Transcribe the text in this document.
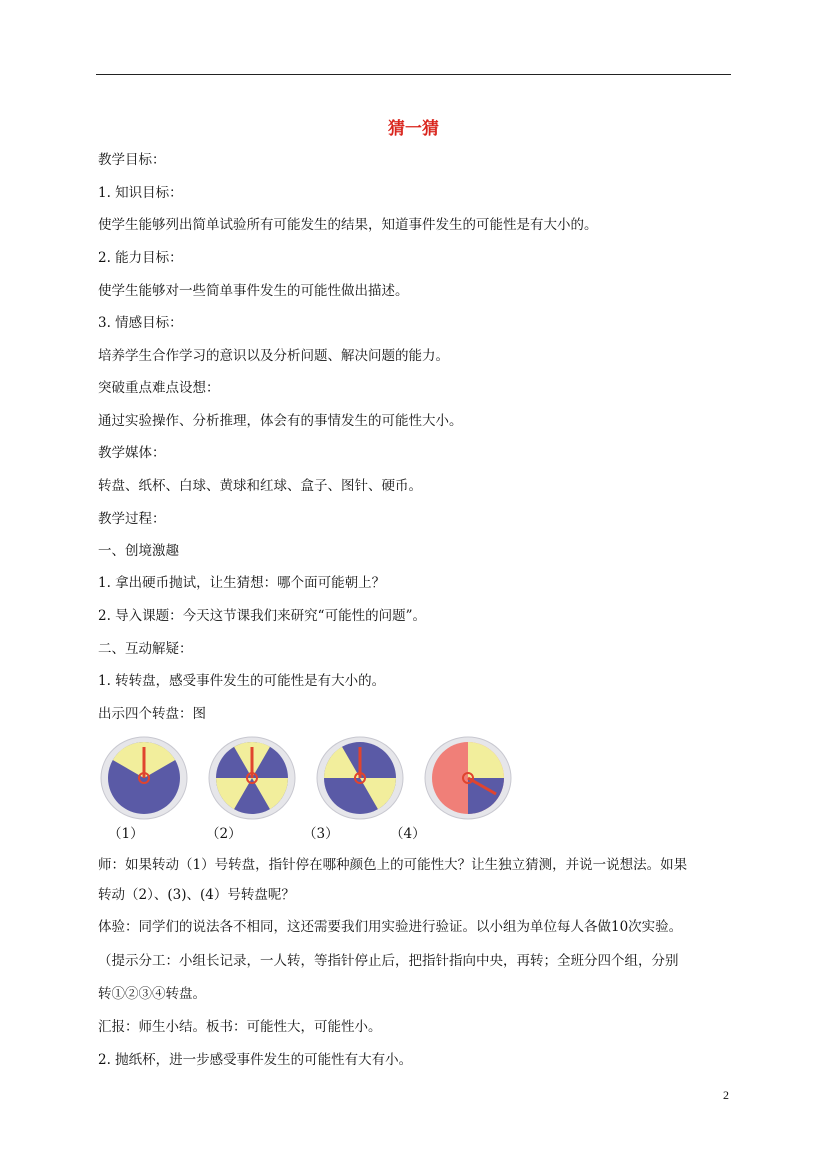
猜一猜
教学目标：
1. 知识目标：
使学生能够列出简单试验所有可能发生的结果，知道事件发生的可能性是有大小的。
2. 能力目标：
使学生能够对一些简单事件发生的可能性做出描述。
3. 情感目标：
培养学生合作学习的意识以及分析问题、解决问题的能力。
突破重点难点设想：
通过实验操作、分析推理，体会有的事情发生的可能性大小。
教学媒体：
转盘、纸杯、白球、黄球和红球、盒子、图针、硬币。
教学过程：
一、创境激趣
1. 拿出硬币抛试，让生猜想：哪个面可能朝上？
2. 导入课题：今天这节课我们来研究“可能性的问题”。
二、互动解疑：
1. 转转盘，感受事件发生的可能性是有大小的。
出示四个转盘：图
（1）	（2）	（3）	（4）
师：如果转动（1）号转盘，指针停在哪种颜色上的可能性大？让生独立猜测，并说一说想法。如果
转动（2）、(3)、(4）号转盘呢？
体验：同学们的说法各不相同，这还需要我们用实验进行验证。以小组为单位每人各做10次实验。
（提示分工：小组长记录，一人转，等指针停止后，把指针指向中央，再转；全班分四个组，分别
转①②③④转盘。
汇报：师生小结。板书：可能性大，可能性小。
2. 抛纸杯，进一步感受事件发生的可能性有大有小。
2
